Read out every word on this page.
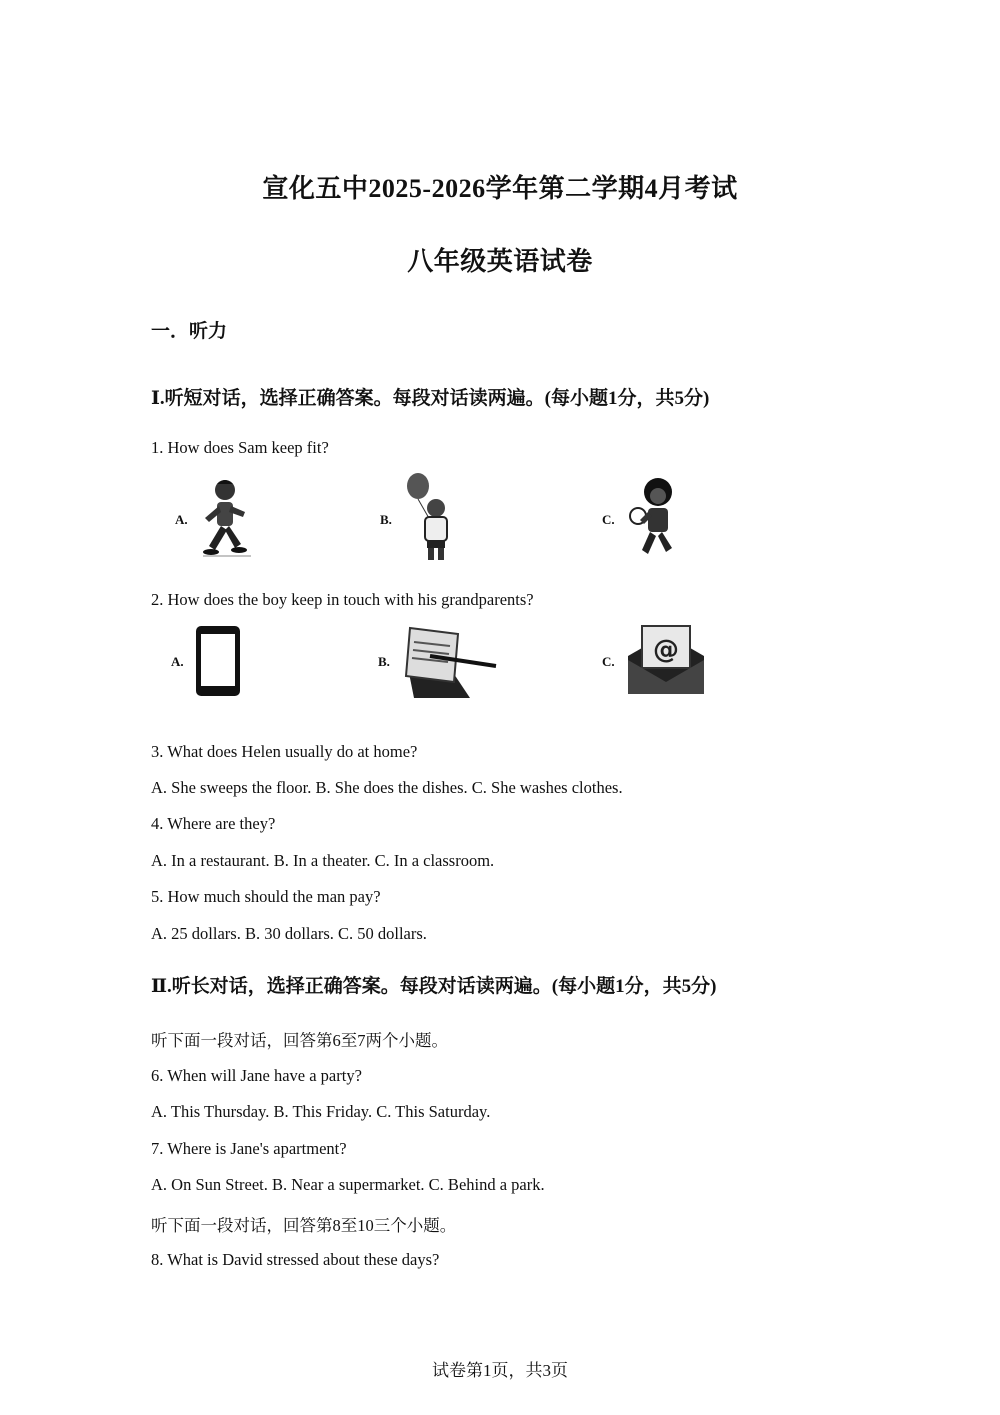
宣化五中2025-2026学年第二学期4月考试
八年级英语试卷
一．听力
Ⅰ.听短对话，选择正确答案。每段对话读两遍。(每小题1分，共5分)
1. How does Sam keep fit?
A.	B.	C.
2. How does the boy keep in touch with his grandparents?
A.	B.	C. @
3. What does Helen usually do at home?
A. She sweeps the floor. B. She does the dishes. C. She washes clothes.
4. Where are they?
A. In a restaurant. B. In a theater. C. In a classroom.
5. How much should the man pay?
A. 25 dollars. B. 30 dollars. C. 50 dollars.
Ⅱ.听长对话，选择正确答案。每段对话读两遍。(每小题1分，共5分)
听下面一段对话，回答第6至7两个小题。
6. When will Jane have a party?
A. This Thursday. B. This Friday. C. This Saturday.
7. Where is Jane's apartment?
A. On Sun Street. B. Near a supermarket. C. Behind a park.
听下面一段对话，回答第8至10三个小题。
8. What is David stressed about these days?
试卷第1页，共3页
